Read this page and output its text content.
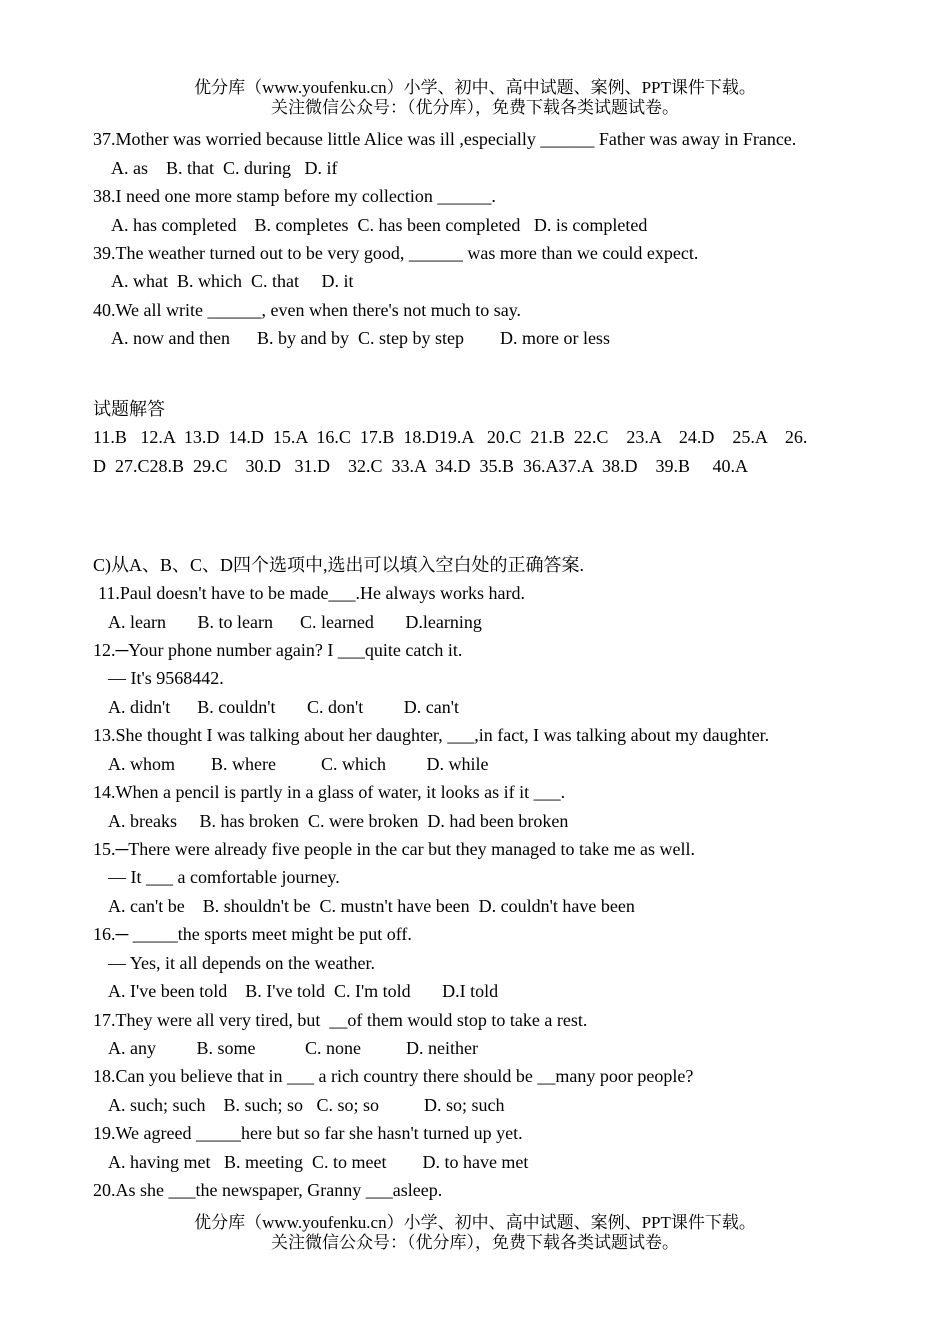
优分库（www.youfenku.cn）小学、初中、高中试题、案例、PPT课件下载。
关注微信公众号：（优分库），免费下载各类试题试卷。
37.Mother was worried because little Alice was ill ,especially ______ Father was away in France.
A. as    B. that  C. during   D. if
38.I need one more stamp before my collection ______.
A. has completed    B. completes  C. has been completed   D. is completed
39.The weather turned out to be very good, ______ was more than we could expect.
A. what  B. which  C. that     D. it
40.We all write ______, even when there's not much to say.
A. now and then      B. by and by  C. step by step        D. more or less
试题解答
11.B   12.A  13.D  14.D  15.A  16.C  17.B  18.D19.A   20.C  21.B  22.C    23.A    24.D    25.A    26.
D  27.C28.B  29.C    30.D   31.D    32.C  33.A  34.D  35.B  36.A37.A  38.D    39.B     40.A
C)从A、B、C、D四个选项中,选出可以填入空白处的正确答案.
11.Paul doesn't have to be made___.He always works hard.
A. learn       B. to learn      C. learned       D.learning
12.─Your phone number again? I ___quite catch it.
— It's 9568442.
A. didn't      B. couldn't       C. don't         D. can't
13.She thought I was talking about her daughter, ___,in fact, I was talking about my daughter.
A. whom        B. where          C. which         D. while
14.When a pencil is partly in a glass of water, it looks as if it ___.
A. breaks     B. has broken  C. were broken  D. had been broken
15.─There were already five people in the car but they managed to take me as well.
— It ___ a comfortable journey.
A. can't be    B. shouldn't be  C. mustn't have been  D. couldn't have been
16.─ _____the sports meet might be put off.
— Yes, it all depends on the weather.
A. I've been told    B. I've told  C. I'm told       D.I told
17.They were all very tired, but  __of them would stop to take a rest.
A. any         B. some           C. none          D. neither
18.Can you believe that in ___ a rich country there should be __many poor people?
A. such; such    B. such; so   C. so; so          D. so; such
19.We agreed _____here but so far she hasn't turned up yet.
A. having met   B. meeting  C. to meet        D. to have met
20.As she ___the newspaper, Granny ___asleep.
优分库（www.youfenku.cn）小学、初中、高中试题、案例、PPT课件下载。
关注微信公众号：（优分库），免费下载各类试题试卷。
